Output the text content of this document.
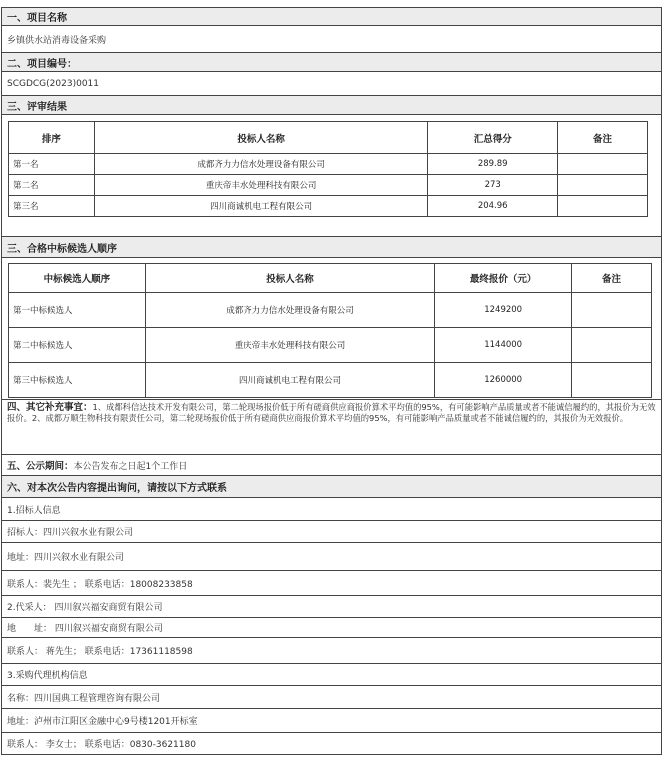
一、项目名称
乡镇供水站消毒设备采购
二、项目编号：
SCGDCG(2023)0011
三、评审结果
排序	投标人名称	汇总得分	备注
第一名	成都齐力力信水处理设备有限公司	289.89	
第二名	重庆帝丰水处理科技有限公司	273	
第三名	四川商诚机电工程有限公司	204.96	
三、合格中标候选人顺序
中标候选人顺序	投标人名称	最终报价（元）	备注
第一中标候选人	成都齐力力信水处理设备有限公司	1249200	
第二中标候选人	重庆帝丰水处理科技有限公司	1144000	
第三中标候选人	四川商诚机电工程有限公司	1260000	
四、其它补充事宜：1、成都科信达技术开发有限公司，第二轮现场报价低于所有磋商供应商报价算术平均值的95%，有可能影响产品质量或者不能诚信履约的，其报价为无效报价。2、成都万顺生物科技有限责任公司，第二轮现场报价低于所有磋商供应商报价算术平均值的95%，有可能影响产品质量或者不能诚信履约的，其报价为无效报价。
五、公示期间： 本公告发布之日起1个工作日
六、对本次公告内容提出询问，请按以下方式联系
1.招标人信息
招标人：四川兴叙水业有限公司
地址：四川兴叙水业有限公司
联系人：裴先生 ； 联系电话：18008233858
2.代采人： 四川叙兴福安商贸有限公司
地　　址： 四川叙兴福安商贸有限公司
联系人： 蒋先生； 联系电话：17361118598
3.采购代理机构信息
名称：四川国典工程管理咨询有限公司
地址：泸州市江阳区金融中心9号楼1201开标室
联系人： 李女士； 联系电话：0830-3621180
